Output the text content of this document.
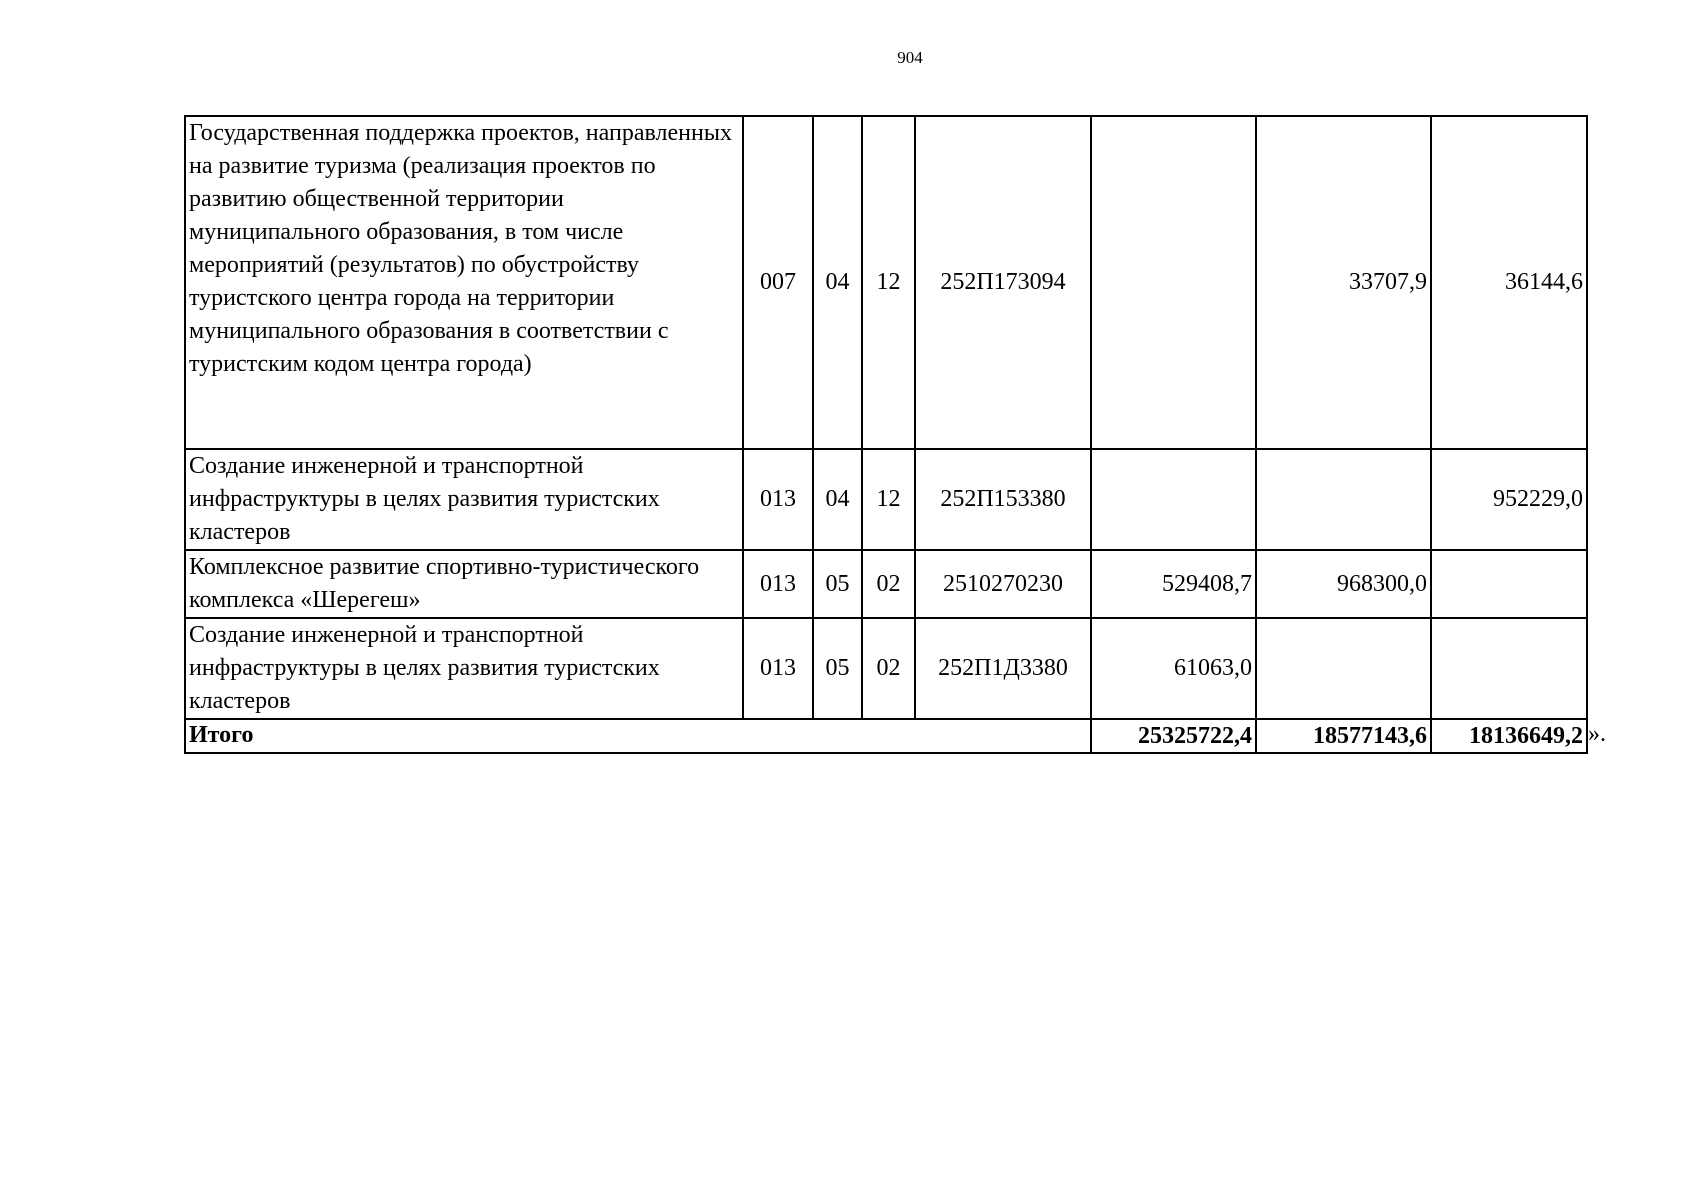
904
Государственная поддержка проектов, направленных на развитие туризма (реализация проектов по развитию общественной территории муниципального образования, в том числе мероприятий (результатов) по обустройству туристского центра города на территории муниципального образования в соответствии с туристским кодом центра города)	007	04	12	252П173094		33707,9	36144,6
Создание инженерной и транспортной инфраструктуры в целях развития туристских кластеров	013	04	12	252П153380			952229,0
Комплексное развитие спортивно-туристического комплекса «Шерегеш»	013	05	02	2510270230	529408,7	968300,0	
Создание инженерной и транспортной инфраструктуры в целях развития туристских кластеров	013	05	02	252П1Д3380	61063,0		
Итого					25325722,4	18577143,6	18136649,2 ».
